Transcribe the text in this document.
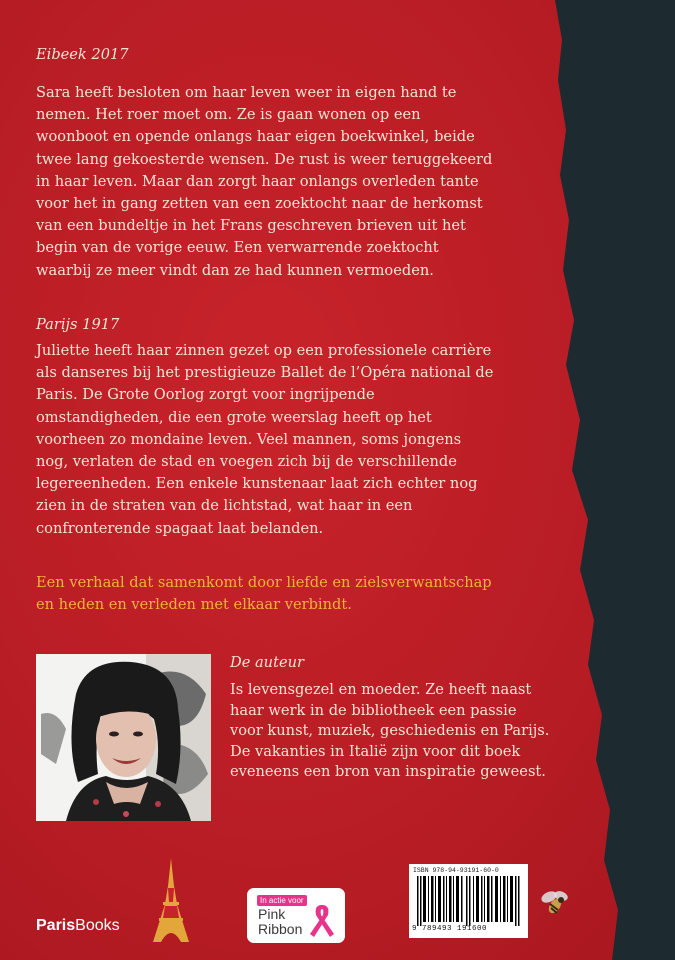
Eibeek 2017
Sara heeft besloten om haar leven weer in eigen hand te
nemen. Het roer moet om. Ze is gaan wonen op een
woonboot en opende onlangs haar eigen boekwinkel, beide
twee lang gekoesterde wensen. De rust is weer teruggekeerd
in haar leven. Maar dan zorgt haar onlangs overleden tante
voor het in gang zetten van een zoektocht naar de herkomst
van een bundeltje in het Frans geschreven brieven uit het
begin van de vorige eeuw. Een verwarrende zoektocht
waarbij ze meer vindt dan ze had kunnen vermoeden.
Parijs 1917
Juliette heeft haar zinnen gezet op een professionele carrière
als danseres bij het prestigieuze Ballet de l’Opéra national de
Paris. De Grote Oorlog zorgt voor ingrijpende
omstandigheden, die een grote weerslag heeft op het
voorheen zo mondaine leven. Veel mannen, soms jongens
nog, verlaten de stad en voegen zich bij de verschillende
legereenheden. Een enkele kunstenaar laat zich echter nog
zien in de straten van de lichtstad, wat haar in een
confronterende spagaat laat belanden.
Een verhaal dat samenkomt door liefde en zielsverwantschap
en heden en verleden met elkaar verbindt.
De auteur
Is levensgezel en moeder. Ze heeft naast
haar werk in de bibliotheek een passie
voor kunst, muziek, geschiedenis en Parijs.
De vakanties in Italië zijn voor dit boek
eveneens een bron van inspiratie geweest.
ParisBooks
In actie voor
Pink
Ribbon
ISBN 978-94-93191-60-0
9 789493 191600
